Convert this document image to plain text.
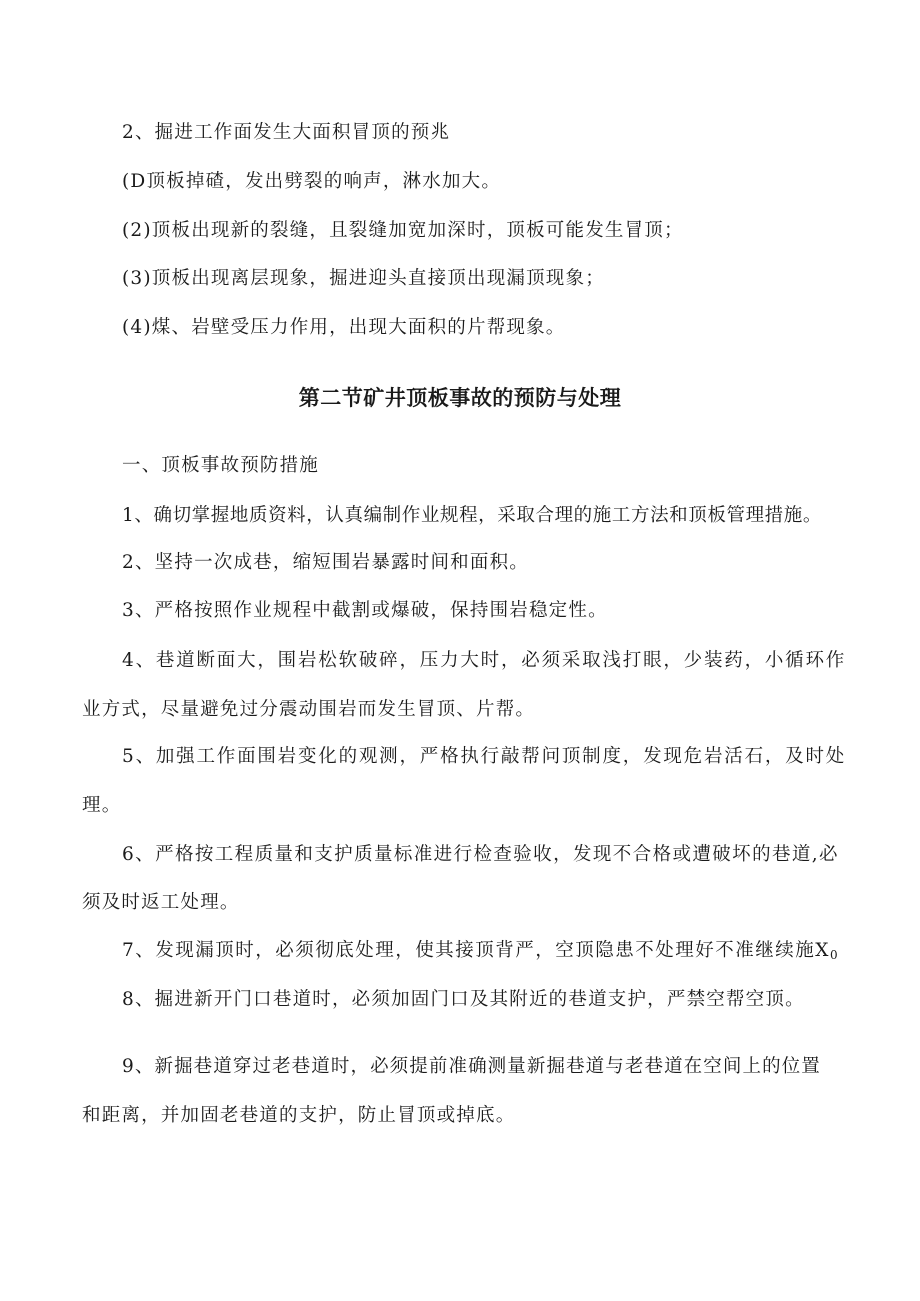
2、掘进工作面发生大面积冒顶的预兆

(D顶板掉碴，发出劈裂的响声，淋水加大。

(2)顶板出现新的裂缝，且裂缝加宽加深时，顶板可能发生冒顶；

(3)顶板出现离层现象，掘进迎头直接顶出现漏顶现象；

(4)煤、岩壁受压力作用，出现大面积的片帮现象。

第二节矿井顶板事故的预防与处理

一、顶板事故预防措施

1、确切掌握地质资料，认真编制作业规程，采取合理的施工方法和顶板管理措施。

2、坚持一次成巷，缩短围岩暴露时间和面积。

3、严格按照作业规程中截割或爆破，保持围岩稳定性。

4、巷道断面大，围岩松软破碎，压力大时，必须采取浅打眼，少装药，小循环作

业方式，尽量避免过分震动围岩而发生冒顶、片帮。

5、加强工作面围岩变化的观测，严格执行敲帮问顶制度，发现危岩活石，及时处

理。

6、严格按工程质量和支护质量标准进行检查验收，发现不合格或遭破坏的巷道,必

须及时返工处理。

7、发现漏顶时，必须彻底处理，使其接顶背严，空顶隐患不处理好不准继续施$X_0$

8、掘进新开门口巷道时，必须加固门口及其附近的巷道支护，严禁空帮空顶。

9、新掘巷道穿过老巷道时，必须提前准确测量新掘巷道与老巷道在空间上的位置

和距离，并加固老巷道的支护，防止冒顶或掉底。
